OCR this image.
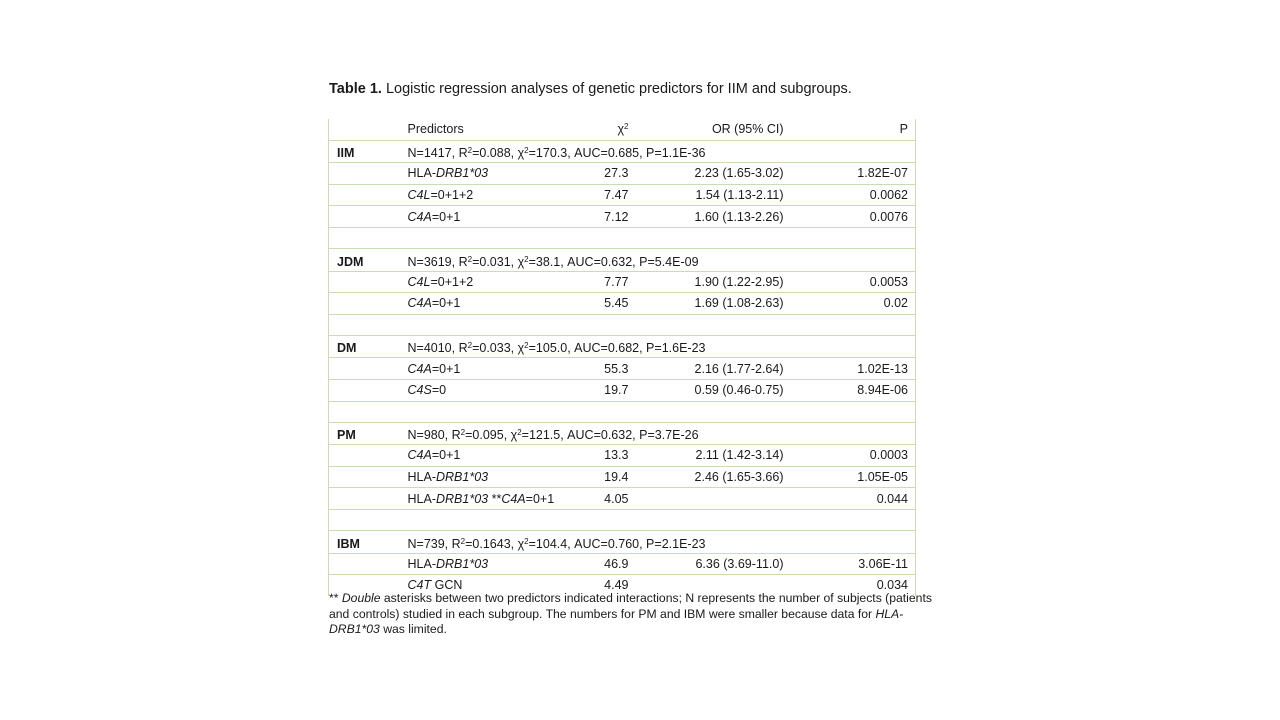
Table 1. Logistic regression analyses of genetic predictors for IIM and subgroups.
	Predictors	$\chi^2$	OR (95% CI)	P
IIM	N=1417, $R^2=0.088$, $\chi^2=170.3$, AUC=0.685, P=1.1E-36			
	HLA-DRB1*03	27.3	2.23 (1.65-3.02)	1.82E-07
	C4L=0+1+2	7.47	1.54 (1.13-2.11)	0.0062
	C4A=0+1	7.12	1.60 (1.13-2.26)	0.0076

JDM	N=3619, $R^2=0.031$, $\chi^2=38.1$, AUC=0.632, P=5.4E-09			
	C4L=0+1+2	7.77	1.90 (1.22-2.95)	0.0053
	C4A=0+1	5.45	1.69 (1.08-2.63)	0.02

DM	N=4010, $R^2=0.033$, $\chi^2=105.0$, AUC=0.682, P=1.6E-23			
	C4A=0+1	55.3	2.16 (1.77-2.64)	1.02E-13
	C4S=0	19.7	0.59 (0.46-0.75)	8.94E-06

PM	N=980, $R^2=0.095$, $\chi^2=121.5$, AUC=0.632, P=3.7E-26			
	C4A=0+1	13.3	2.11 (1.42-3.14)	0.0003
	HLA-DRB1*03	19.4	2.46 (1.65-3.66)	1.05E-05
	HLA-DRB1*03 **C4A=0+1	4.05		0.044

IBM	N=739, $R^2=0.1643$, $\chi^2=104.4$, AUC=0.760, P=2.1E-23			
	HLA-DRB1*03	46.9	6.36 (3.69-11.0)	3.06E-11
	C4T GCN	4.49		0.034
** Double asterisks between two predictors indicated interactions; N represents the number of subjects (patients and controls) studied in each subgroup. The numbers for PM and IBM were smaller because data for HLA-DRB1*03 was limited.
